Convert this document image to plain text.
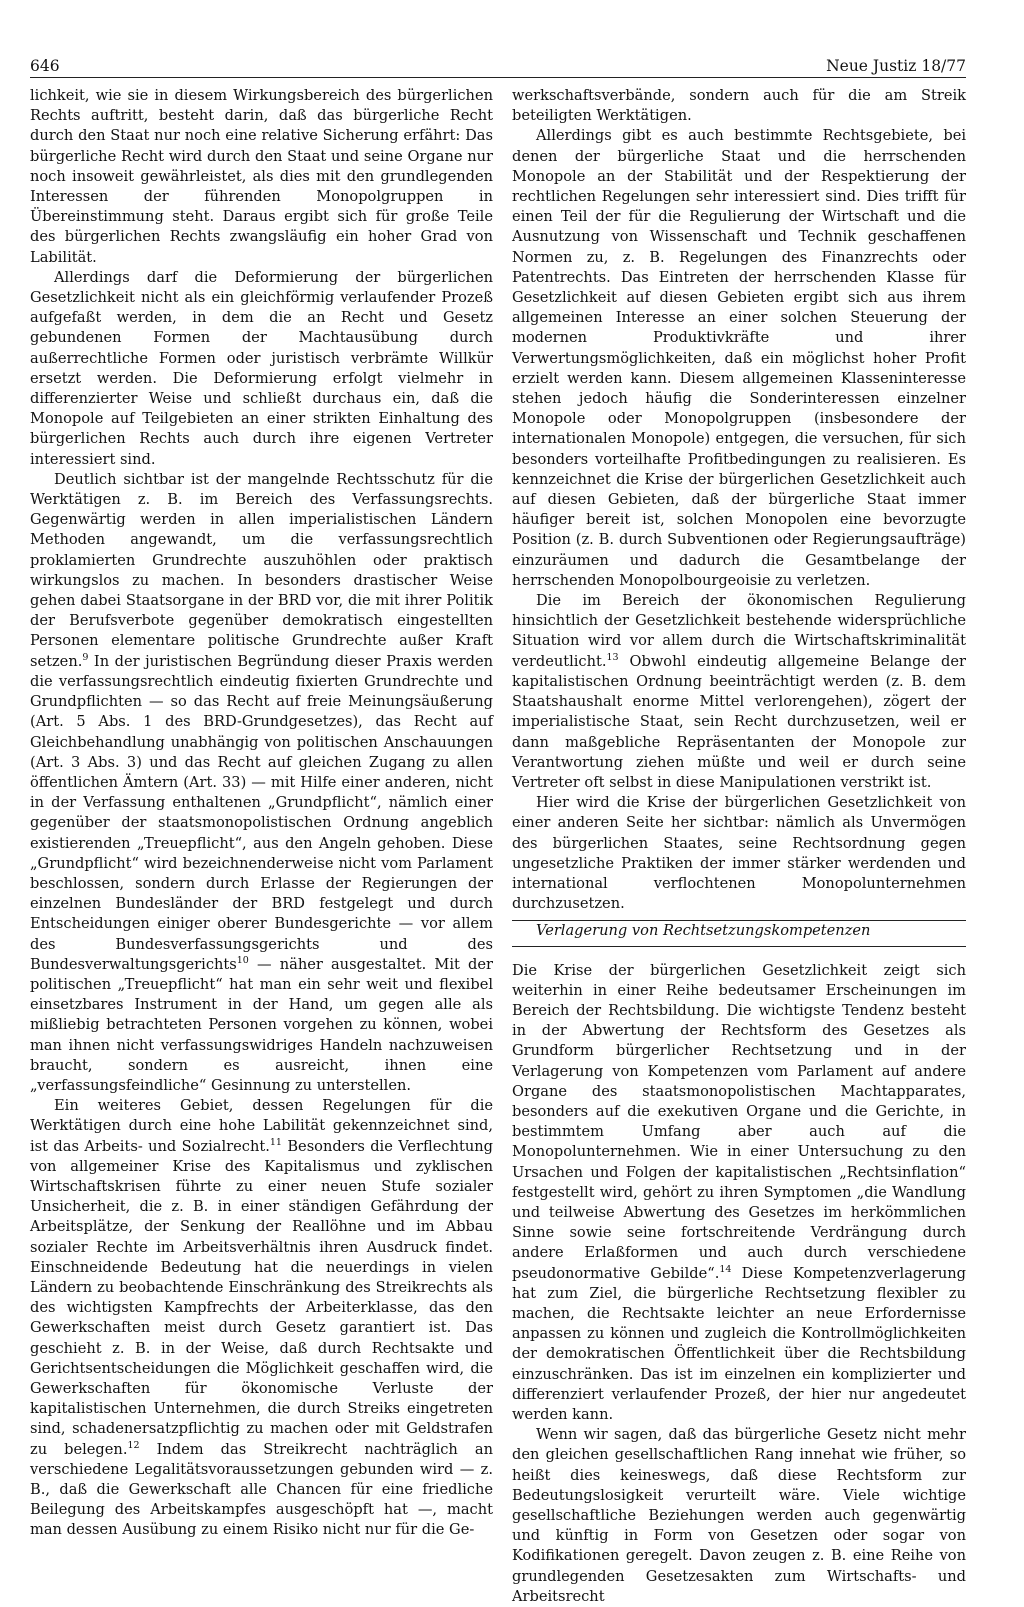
646	Neue Justiz 18/77

lichkeit, wie sie in diesem Wirkungsbereich des bürgerlichen Rechts auftritt, besteht darin, daß das bürgerliche Recht durch den Staat nur noch eine relative Sicherung erfährt: Das bürgerliche Recht wird durch den Staat und seine Organe nur noch insoweit gewährleistet, als dies mit den grundlegenden Interessen der führenden Monopolgruppen in Übereinstimmung steht. Daraus ergibt sich für große Teile des bürgerlichen Rechts zwangsläufig ein hoher Grad von Labilität.

Allerdings darf die Deformierung der bürgerlichen Gesetzlichkeit nicht als ein gleichförmig verlaufender Prozeß aufgefaßt werden, in dem die an Recht und Gesetz gebundenen Formen der Machtausübung durch außerrechtliche Formen oder juristisch verbrämte Willkür ersetzt werden. Die Deformierung erfolgt vielmehr in differenzierter Weise und schließt durchaus ein, daß die Monopole auf Teilgebieten an einer strikten Einhaltung des bürgerlichen Rechts auch durch ihre eigenen Vertreter interessiert sind.

Deutlich sichtbar ist der mangelnde Rechtsschutz für die Werktätigen z. B. im Bereich des Verfassungsrechts. Gegenwärtig werden in allen imperialistischen Ländern Methoden angewandt, um die verfassungsrechtlich proklamierten Grundrechte auszuhöhlen oder praktisch wirkungslos zu machen. In besonders drastischer Weise gehen dabei Staatsorgane in der BRD vor, die mit ihrer Politik der Berufsverbote gegenüber demokratisch eingestellten Personen elementare politische Grundrechte außer Kraft setzen.$^9$ In der juristischen Begründung dieser Praxis werden die verfassungsrechtlich eindeutig fixierten Grundrechte und Grundpflichten — so das Recht auf freie Meinungsäußerung (Art. 5 Abs. 1 des BRD-Grundgesetzes), das Recht auf Gleichbehandlung unabhängig von politischen Anschauungen (Art. 3 Abs. 3) und das Recht auf gleichen Zugang zu allen öffentlichen Ämtern (Art. 33) — mit Hilfe einer anderen, nicht in der Verfassung enthaltenen „Grundpflicht“, nämlich einer gegenüber der staatsmonopolistischen Ordnung angeblich existierenden „Treuepflicht“, aus den Angeln gehoben. Diese „Grundpflicht“ wird bezeichnenderweise nicht vom Parlament beschlossen, sondern durch Erlasse der Regierungen der einzelnen Bundesländer der BRD festgelegt und durch Entscheidungen einiger oberer Bundesgerichte — vor allem des Bundesverfassungsgerichts und des Bundesverwaltungsgerichts$^{10}$ — näher ausgestaltet. Mit der politischen „Treuepflicht“ hat man ein sehr weit und flexibel einsetzbares Instrument in der Hand, um gegen alle als mißliebig betrachteten Personen vorgehen zu können, wobei man ihnen nicht verfassungswidriges Handeln nachzuweisen braucht, sondern es ausreicht, ihnen eine „verfassungsfeindliche“ Gesinnung zu unterstellen.

Ein weiteres Gebiet, dessen Regelungen für die Werktätigen durch eine hohe Labilität gekennzeichnet sind, ist das Arbeits- und Sozialrecht.$^{11}$ Besonders die Verflechtung von allgemeiner Krise des Kapitalismus und zyklischen Wirtschaftskrisen führte zu einer neuen Stufe sozialer Unsicherheit, die z. B. in einer ständigen Gefährdung der Arbeitsplätze, der Senkung der Reallöhne und im Abbau sozialer Rechte im Arbeitsverhältnis ihren Ausdruck findet. Einschneidende Bedeutung hat die neuerdings in vielen Ländern zu beobachtende Einschränkung des Streikrechts als des wichtigsten Kampfrechts der Arbeiterklasse, das den Gewerkschaften meist durch Gesetz garantiert ist. Das geschieht z. B. in der Weise, daß durch Rechtsakte und Gerichtsentscheidungen die Möglichkeit geschaffen wird, die Gewerkschaften für ökonomische Verluste der kapitalistischen Unternehmen, die durch Streiks eingetreten sind, schadenersatzpflichtig zu machen oder mit Geldstrafen zu belegen.$^{12}$ Indem das Streikrecht nachträglich an verschiedene Legalitätsvoraussetzungen gebunden wird — z. B., daß die Gewerkschaft alle Chancen für eine friedliche Beilegung des Arbeitskampfes ausgeschöpft hat —, macht man dessen Ausübung zu einem Risiko nicht nur für die Ge-

werkschaftsverbände, sondern auch für die am Streik beteiligten Werktätigen.

Allerdings gibt es auch bestimmte Rechtsgebiete, bei denen der bürgerliche Staat und die herrschenden Monopole an der Stabilität und der Respektierung der rechtlichen Regelungen sehr interessiert sind. Dies trifft für einen Teil der für die Regulierung der Wirtschaft und die Ausnutzung von Wissenschaft und Technik geschaffenen Normen zu, z. B. Regelungen des Finanzrechts oder Patentrechts. Das Eintreten der herrschenden Klasse für Gesetzlichkeit auf diesen Gebieten ergibt sich aus ihrem allgemeinen Interesse an einer solchen Steuerung der modernen Produktivkräfte und ihrer Verwertungsmöglichkeiten, daß ein möglichst hoher Profit erzielt werden kann. Diesem allgemeinen Klasseninteresse stehen jedoch häufig die Sonderinteressen einzelner Monopole oder Monopolgruppen (insbesondere der internationalen Monopole) entgegen, die versuchen, für sich besonders vorteilhafte Profitbedingungen zu realisieren. Es kennzeichnet die Krise der bürgerlichen Gesetzlichkeit auch auf diesen Gebieten, daß der bürgerliche Staat immer häufiger bereit ist, solchen Monopolen eine bevorzugte Position (z. B. durch Subventionen oder Regierungsaufträge) einzuräumen und dadurch die Gesamtbelange der herrschenden Monopolbourgeoisie zu verletzen.

Die im Bereich der ökonomischen Regulierung hinsichtlich der Gesetzlichkeit bestehende widersprüchliche Situation wird vor allem durch die Wirtschaftskriminalität verdeutlicht.$^{13}$ Obwohl eindeutig allgemeine Belange der kapitalistischen Ordnung beeinträchtigt werden (z. B. dem Staatshaushalt enorme Mittel verlorengehen), zögert der imperialistische Staat, sein Recht durchzusetzen, weil er dann maßgebliche Repräsentanten der Monopole zur Verantwortung ziehen müßte und weil er durch seine Vertreter oft selbst in diese Manipulationen verstrikt ist.

Hier wird die Krise der bürgerlichen Gesetzlichkeit von einer anderen Seite her sichtbar: nämlich als Unvermögen des bürgerlichen Staates, seine Rechtsordnung gegen ungesetzliche Praktiken der immer stärker werdenden und international verflochtenen Monopolunternehmen durchzusetzen.

Verlagerung von Rechtsetzungskompetenzen

Die Krise der bürgerlichen Gesetzlichkeit zeigt sich weiterhin in einer Reihe bedeutsamer Erscheinungen im Bereich der Rechtsbildung. Die wichtigste Tendenz besteht in der Abwertung der Rechtsform des Gesetzes als Grundform bürgerlicher Rechtsetzung und in der Verlagerung von Kompetenzen vom Parlament auf andere Organe des staatsmonopolistischen Machtapparates, besonders auf die exekutiven Organe und die Gerichte, in bestimmtem Umfang aber auch auf die Monopolunternehmen. Wie in einer Untersuchung zu den Ursachen und Folgen der kapitalistischen „Rechtsinflation“ festgestellt wird, gehört zu ihren Symptomen „die Wandlung und teilweise Abwertung des Gesetzes im herkömmlichen Sinne sowie seine fortschreitende Verdrängung durch andere Erlaßformen und auch durch verschiedene pseudonormative Gebilde“.$^{14}$ Diese Kompetenzverlagerung hat zum Ziel, die bürgerliche Rechtsetzung flexibler zu machen, die Rechtsakte leichter an neue Erfordernisse anpassen zu können und zugleich die Kontrollmöglichkeiten der demokratischen Öffentlichkeit über die Rechtsbildung einzuschränken. Das ist im einzelnen ein komplizierter und differenziert verlaufender Prozeß, der hier nur angedeutet werden kann.

Wenn wir sagen, daß das bürgerliche Gesetz nicht mehr den gleichen gesellschaftlichen Rang innehat wie früher, so heißt dies keineswegs, daß diese Rechtsform zur Bedeutungslosigkeit verurteilt wäre. Viele wichtige gesellschaftliche Beziehungen werden auch gegenwärtig und künftig in Form von Gesetzen oder sogar von Kodifikationen geregelt. Davon zeugen z. B. eine Reihe von grundlegenden Gesetzesakten zum Wirtschafts- und Arbeitsrecht
